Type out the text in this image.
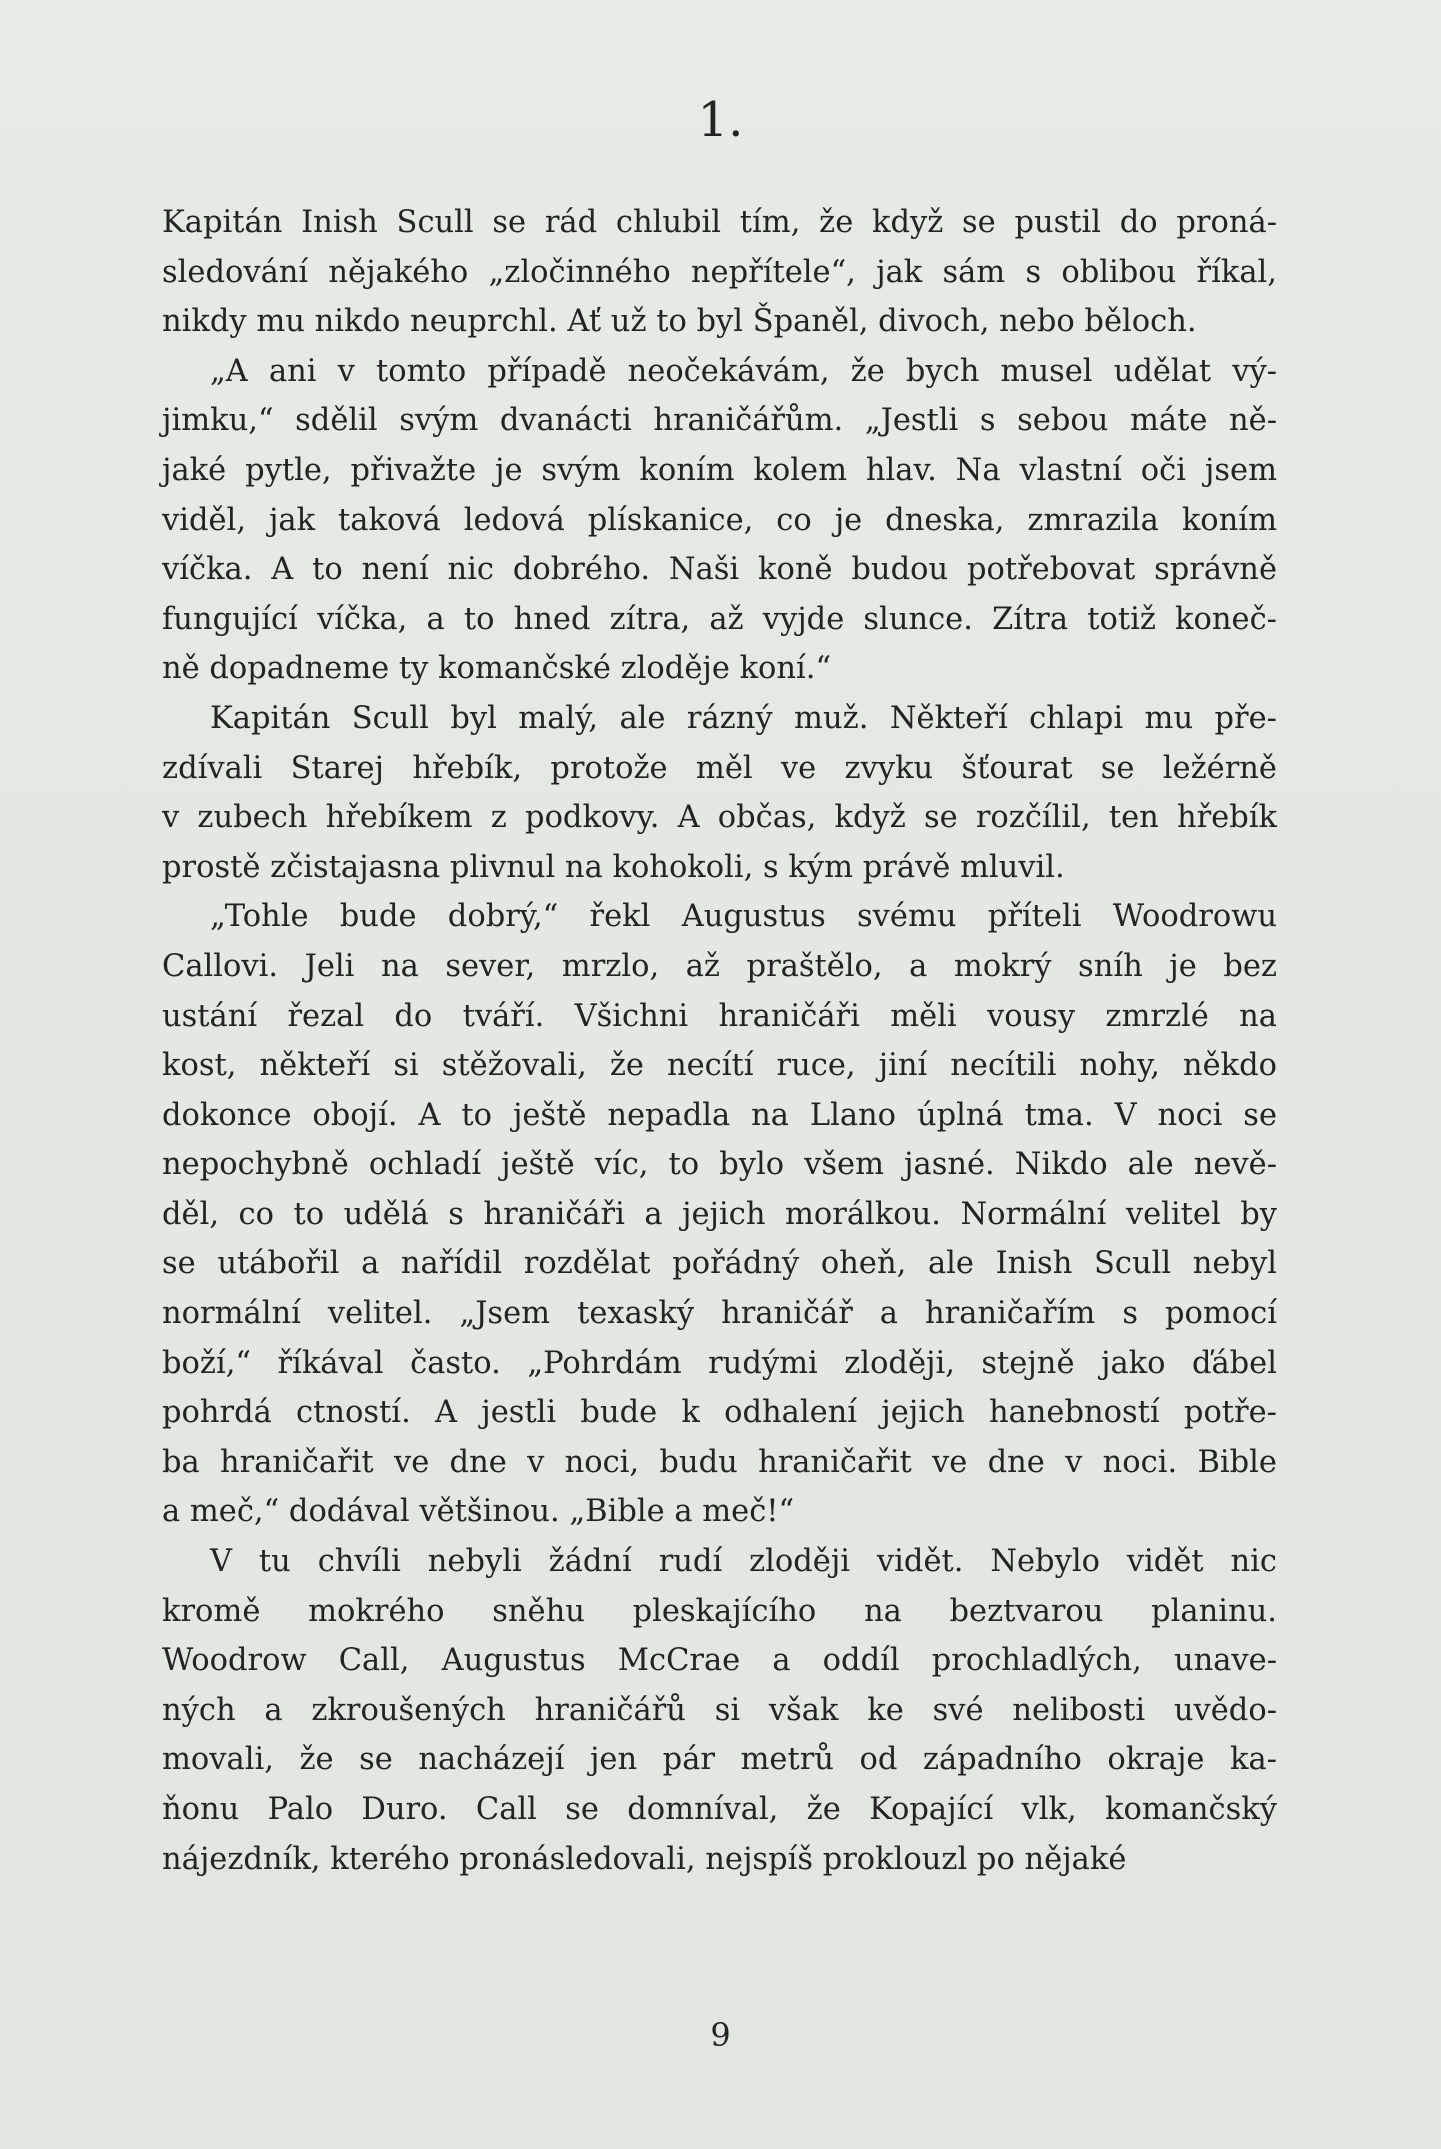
1.
Kapitán Inish Scull se rád chlubil tím, že když se pustil do proná-
sledování nějakého „zločinného nepřítele“, jak sám s oblibou říkal,
nikdy mu nikdo neuprchl. Ať už to byl Španěl, divoch, nebo běloch.
„A ani v tomto případě neočekávám, že bych musel udělat vý-
jimku,“ sdělil svým dvanácti hraničářům. „Jestli s sebou máte ně-
jaké pytle, přivažte je svým koním kolem hlav. Na vlastní oči jsem
viděl, jak taková ledová plískanice, co je dneska, zmrazila koním
víčka. A to není nic dobrého. Naši koně budou potřebovat správně
fungující víčka, a to hned zítra, až vyjde slunce. Zítra totiž koneč-
ně dopadneme ty komančské zloděje koní.“
Kapitán Scull byl malý, ale rázný muž. Někteří chlapi mu pře-
zdívali Starej hřebík, protože měl ve zvyku šťourat se ležérně
v zubech hřebíkem z podkovy. A občas, když se rozčílil, ten hřebík
prostě zčistajasna plivnul na kohokoli, s kým právě mluvil.
„Tohle bude dobrý,“ řekl Augustus svému příteli Woodrowu
Callovi. Jeli na sever, mrzlo, až praštělo, a mokrý sníh je bez
ustání řezal do tváří. Všichni hraničáři měli vousy zmrzlé na
kost, někteří si stěžovali, že necítí ruce, jiní necítili nohy, někdo
dokonce obojí. A to ještě nepadla na Llano úplná tma. V noci se
nepochybně ochladí ještě víc, to bylo všem jasné. Nikdo ale nevě-
děl, co to udělá s hraničáři a jejich morálkou. Normální velitel by
se utábořil a nařídil rozdělat pořádný oheň, ale Inish Scull nebyl
normální velitel. „Jsem texaský hraničář a hraničařím s pomocí
boží,“ říkával často. „Pohrdám rudými zloději, stejně jako ďábel
pohrdá ctností. A jestli bude k odhalení jejich hanebností potře-
ba hraničařit ve dne v noci, budu hraničařit ve dne v noci. Bible
a meč,“ dodával většinou. „Bible a meč!“
V tu chvíli nebyli žádní rudí zloději vidět. Nebylo vidět nic
kromě mokrého sněhu pleskajícího na beztvarou planinu.
Woodrow Call, Augustus McCrae a oddíl prochladlých, unave-
ných a zkroušených hraničářů si však ke své nelibosti uvědo-
movali, že se nacházejí jen pár metrů od západního okraje ka-
ňonu Palo Duro. Call se domníval, že Kopající vlk, komančský
nájezdník, kterého pronásledovali, nejspíš proklouzl po nějaké
9
